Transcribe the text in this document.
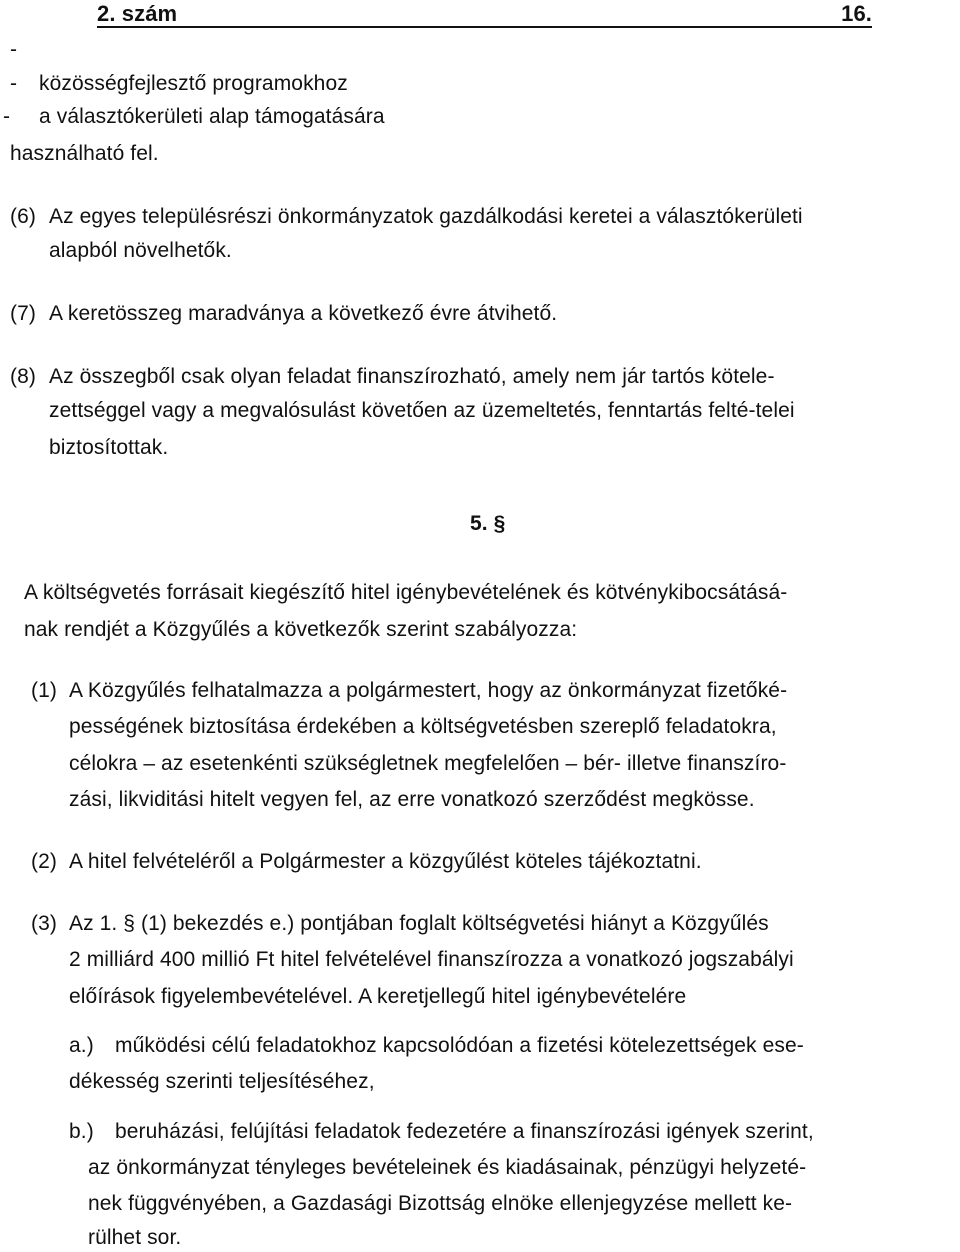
2. szám	16.
-
- közösségfejlesztő programokhoz
- a választókerületi alap támogatására
használható fel.
(6) Az egyes településrészi önkormányzatok gazdálkodási keretei a választókerületi
alapból növelhetők.
(7) A keretösszeg maradványa a következő évre átvihető.
(8) Az összegből csak olyan feladat finanszírozható, amely nem jár tartós kötele-
zettséggel vagy a megvalósulást követően az üzemeltetés, fenntartás felté-telei
biztosítottak.
5. §
A költségvetés forrásait kiegészítő hitel igénybevételének és kötvénykibocsátásá-
nak rendjét a Közgyűlés a következők szerint szabályozza:
(1) A Közgyűlés felhatalmazza a polgármestert, hogy az önkormányzat fizetőké-
pességének biztosítása érdekében a költségvetésben szereplő feladatokra,
célokra – az esetenkénti szükségletnek megfelelően – bér- illetve finanszíro-
zási, likviditási hitelt vegyen fel, az erre vonatkozó szerződést megkösse.
(2) A hitel felvételéről a Polgármester a közgyűlést köteles tájékoztatni.
(3) Az 1. § (1) bekezdés e.) pontjában foglalt költségvetési hiányt a Közgyűlés
2 milliárd 400 millió Ft hitel felvételével finanszírozza a vonatkozó jogszabályi
előírások figyelembevételével. A keretjellegű hitel igénybevételére
a.) működési célú feladatokhoz kapcsolódóan a fizetési kötelezettségek ese-
dékesség szerinti teljesítéséhez,
b.) beruházási, felújítási feladatok fedezetére a finanszírozási igények szerint,
az önkormányzat tényleges bevételeinek és kiadásainak, pénzügyi helyzeté-
nek függvényében, a Gazdasági Bizottság elnöke ellenjegyzése mellett ke-
rülhet sor.
